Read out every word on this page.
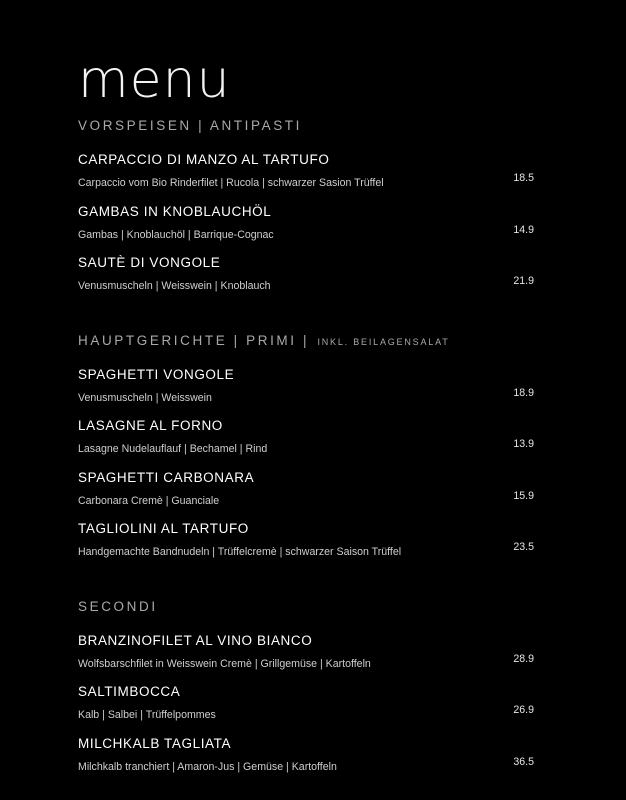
menu
VORSPEISEN | ANTIPASTI
CARPACCIO DI MANZO AL TARTUFO
Carpaccio vom Bio Rinderfilet | Rucola | schwarzer Sasion Trüffel	18.5
GAMBAS IN KNOBLAUCHÖL
Gambas | Knoblauchöl | Barrique-Cognac	14.9
SAUTÈ DI VONGOLE
Venusmuscheln | Weisswein | Knoblauch	21.9
HAUPTGERICHTE | PRIMI | INKL. BEILAGENSALAT
SPAGHETTI VONGOLE
Venusmuscheln | Weisswein	18.9
LASAGNE AL FORNO
Lasagne Nudelauflauf | Bechamel | Rind	13.9
SPAGHETTI CARBONARA
Carbonara Cremè | Guanciale	15.9
TAGLIOLINI AL TARTUFO
Handgemachte Bandnudeln | Trüffelcremè | schwarzer Saison Trüffel	23.5
SECONDI
BRANZINOFILET AL VINO BIANCO
Wolfsbarschfilet in Weisswein Cremè | Grillgemüse | Kartoffeln	28.9
SALTIMBOCCA
Kalb | Salbei | Trüffelpommes	26.9
MILCHKALB TAGLIATA
Milchkalb tranchiert | Amaron-Jus | Gemüse | Kartoffeln	36.5
